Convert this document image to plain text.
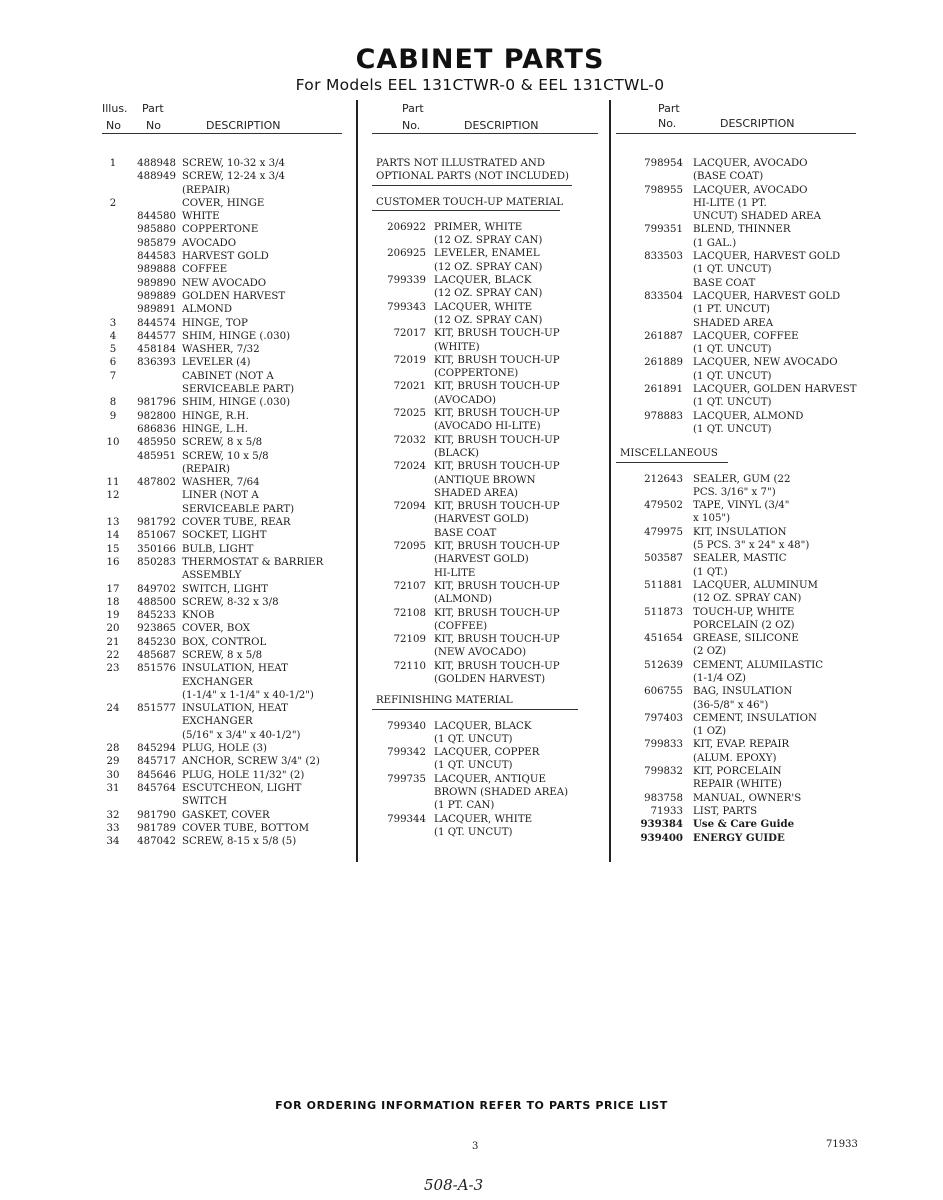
CABINET PARTS
For Models EEL 131CTWR-0 & EEL 131CTWL-0
Illus. Part
No No	DESCRIPTION
1	488948 SCREW, 10-32 x 3/4
488949 SCREW, 12-24 x 3/4
(REPAIR)
2	COVER, HINGE
844580 WHITE
985880 COPPERTONE
985879 AVOCADO
844583 HARVEST GOLD
989888 COFFEE
989890 NEW AVOCADO
989889 GOLDEN HARVEST
989891 ALMOND
3	844574 HINGE, TOP
4	844577 SHIM, HINGE (.030)
5	458184 WASHER, 7/32
6	836393 LEVELER (4)
7	CABINET (NOT A
SERVICEABLE PART)
8	981796 SHIM, HINGE (.030)
9	982800 HINGE, R.H.
686836 HINGE, L.H.
10	485950 SCREW, 8 x 5/8
485951 SCREW, 10 x 5/8
(REPAIR)
11	487802 WASHER, 7/64
12	LINER (NOT A
SERVICEABLE PART)
13	981792 COVER TUBE, REAR
14	851067 SOCKET, LIGHT
15	350166 BULB, LIGHT
16	850283 THERMOSTAT & BARRIER
ASSEMBLY
17	849702 SWITCH, LIGHT
18	488500 SCREW, 8-32 x 3/8
19	845233 KNOB
20	923865 COVER, BOX
21	845230 BOX, CONTROL
22	485687 SCREW, 8 x 5/8
23	851576 INSULATION, HEAT
EXCHANGER
(1-1/4" x 1-1/4" x 40-1/2")
24	851577 INSULATION, HEAT
EXCHANGER
(5/16" x 3/4" x 40-1/2")
28	845294 PLUG, HOLE (3)
29	845717 ANCHOR, SCREW 3/4" (2)
30	845646 PLUG, HOLE 11/32" (2)
31	845764 ESCUTCHEON, LIGHT
SWITCH
32	981790 GASKET, COVER
33	981789 COVER TUBE, BOTTOM
34	487042 SCREW, 8-15 x 5/8 (5)
Part
No.	DESCRIPTION
PARTS NOT ILLUSTRATED AND
OPTIONAL PARTS (NOT INCLUDED)
CUSTOMER TOUCH-UP MATERIAL
206922 PRIMER, WHITE
(12 OZ. SPRAY CAN)
206925 LEVELER, ENAMEL
(12 OZ. SPRAY CAN)
799339 LACQUER, BLACK
(12 OZ. SPRAY CAN)
799343 LACQUER, WHITE
(12 OZ. SPRAY CAN)
72017 KIT, BRUSH TOUCH-UP
(WHITE)
72019 KIT, BRUSH TOUCH-UP
(COPPERTONE)
72021 KIT, BRUSH TOUCH-UP
(AVOCADO)
72025 KIT, BRUSH TOUCH-UP
(AVOCADO HI-LITE)
72032 KIT, BRUSH TOUCH-UP
(BLACK)
72024 KIT, BRUSH TOUCH-UP
(ANTIQUE BROWN
SHADED AREA)
72094 KIT, BRUSH TOUCH-UP
(HARVEST GOLD)
BASE COAT
72095 KIT, BRUSH TOUCH-UP
(HARVEST GOLD)
HI-LITE
72107 KIT, BRUSH TOUCH-UP
(ALMOND)
72108 KIT, BRUSH TOUCH-UP
(COFFEE)
72109 KIT, BRUSH TOUCH-UP
(NEW AVOCADO)
72110 KIT, BRUSH TOUCH-UP
(GOLDEN HARVEST)
REFINISHING MATERIAL
799340 LACQUER, BLACK
(1 QT. UNCUT)
799342 LACQUER, COPPER
(1 QT. UNCUT)
799735 LACQUER, ANTIQUE
BROWN (SHADED AREA)
(1 PT. CAN)
799344 LACQUER, WHITE
(1 QT. UNCUT)
Part
No.	DESCRIPTION
798954 LACQUER, AVOCADO
(BASE COAT)
798955 LACQUER, AVOCADO
HI-LITE (1 PT.
UNCUT) SHADED AREA
799351 BLEND, THINNER
(1 GAL.)
833503 LACQUER, HARVEST GOLD
(1 QT. UNCUT)
BASE COAT
833504 LACQUER, HARVEST GOLD
(1 PT. UNCUT)
SHADED AREA
261887 LACQUER, COFFEE
(1 QT. UNCUT)
261889 LACQUER, NEW AVOCADO
(1 QT. UNCUT)
261891 LACQUER, GOLDEN HARVEST
(1 QT. UNCUT)
978883 LACQUER, ALMOND
(1 QT. UNCUT)
MISCELLANEOUS
212643 SEALER, GUM (22
PCS. 3/16" x 7")
479502 TAPE, VINYL (3/4"
x 105")
479975 KIT, INSULATION
(5 PCS. 3" x 24" x 48")
503587 SEALER, MASTIC
(1 QT.)
511881 LACQUER, ALUMINUM
(12 OZ. SPRAY CAN)
511873 TOUCH-UP, WHITE
PORCELAIN (2 OZ)
451654 GREASE, SILICONE
(2 OZ)
512639 CEMENT, ALUMILASTIC
(1-1/4 OZ)
606755 BAG, INSULATION
(36-5/8" x 46")
797403 CEMENT, INSULATION
(1 OZ)
799833 KIT, EVAP. REPAIR
(ALUM. EPOXY)
799832 KIT, PORCELAIN
REPAIR (WHITE)
983758 MANUAL, OWNER'S
71933 LIST, PARTS
939384 Use & Care Guide
939400 ENERGY GUIDE
FOR ORDERING INFORMATION REFER TO PARTS PRICE LIST
3	71933
508-A-3
